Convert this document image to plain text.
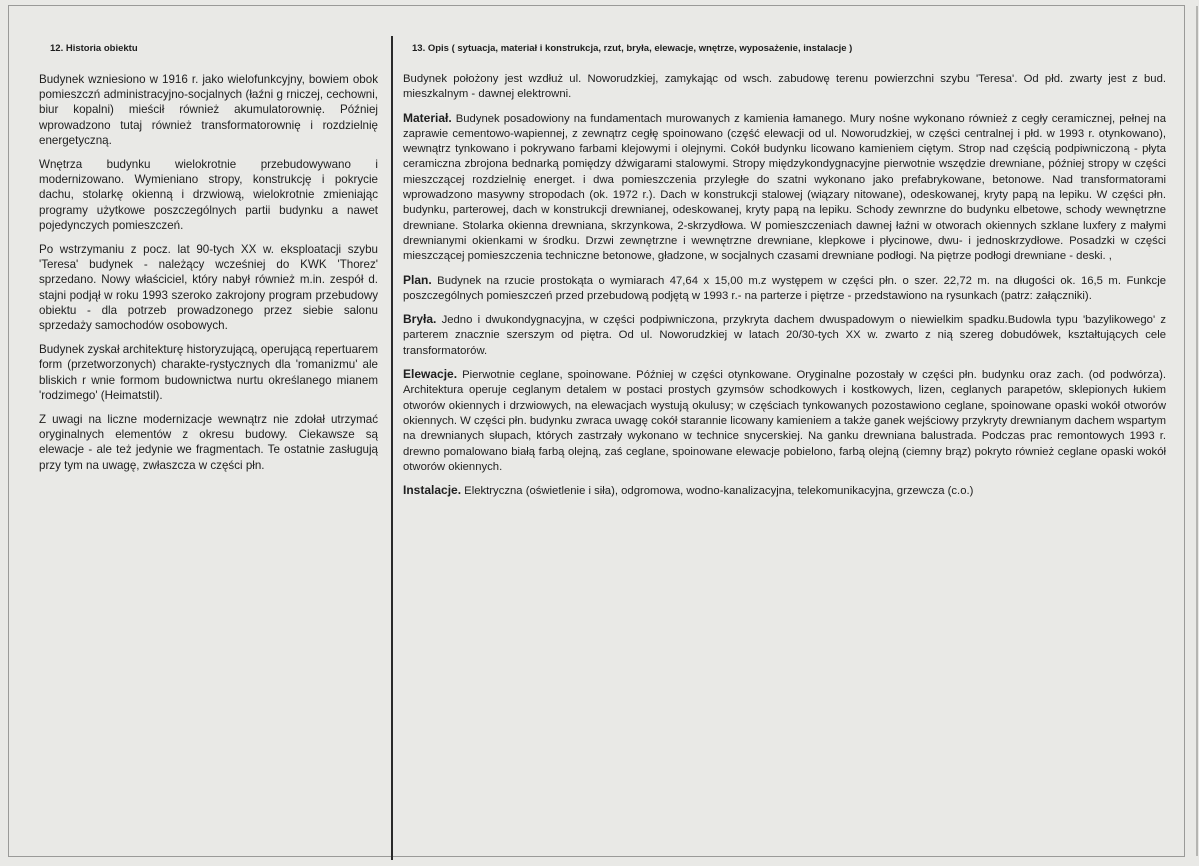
12. Historia obiektu

Budynek wzniesiono w 1916 r. jako wielofunkcyjny, bowiem obok pomieszczń administracyjno-socjalnych (łaźni g rniczej, cechowni, biur kopalni) mieścił również akumulatorownię. Później wprowadzono tutaj również transformatorownię i rozdzielnię energetyczną.

Wnętrza budynku wielokrotnie przebudowywano i modernizowano. Wymieniano stropy, konstrukcję i pokrycie dachu, stolarkę okienną i drzwiową, wielokrotnie zmieniając programy użytkowe poszczególnych partii budynku a nawet pojedynczych pomieszczeń.

Po wstrzymaniu z pocz. lat 90-tych XX w. eksploatacji szybu 'Teresa' budynek - należący wcześniej do KWK 'Thorez' sprzedano. Nowy właściciel, który nabył również m.in. zespół d. stajni podjął w roku 1993 szeroko zakrojony program przebudowy obiektu - dla potrzeb prowadzonego przez siebie salonu sprzedaży samochodów osobowych.

Budynek zyskał architekturę historyzującą, operującą repertuarem form (przetworzonych) charakte-rystycznych dla 'romanizmu' ale bliskich r wnie formom budownictwa nurtu określanego mianem 'rodzimego' (Heimatstil).

Z uwagi na liczne modernizacje wewnątrz nie zdołał utrzymać oryginalnych elementów z okresu budowy. Ciekawsze są elewacje - ale też jedynie we fragmentach. Te ostatnie zasługują przy tym na uwagę, zwłaszcza w części płn.

13. Opis ( sytuacja, materiał i konstrukcja, rzut, bryła, elewacje, wnętrze, wyposażenie, instalacje )

Budynek położony jest wzdłuż ul. Noworudzkiej, zamykając od wsch. zabudowę terenu powierzchni szybu 'Teresa'. Od płd. zwarty jest z bud. mieszkalnym - dawnej elektrowni.

Materiał. Budynek posadowiony na fundamentach murowanych z kamienia łamanego. Mury nośne wykonano również z cegły ceramicznej, pełnej na zaprawie cementowo-wapiennej, z zewnątrz cegłę spoinowano (część elewacji od ul. Noworudzkiej, w części centralnej i płd. w 1993 r. otynkowano), wewnątrz tynkowano i pokrywano farbami klejowymi i olejnymi. Cokół budynku licowano kamieniem ciętym. Strop nad częścią podpiwniczoną - płyta ceramiczna zbrojona bednarką pomiędzy dźwigarami stalowymi. Stropy międzykondygnacyjne pierwotnie wszędzie drewniane, później stropy w części mieszczącej rozdzielnię energet. i dwa pomieszczenia przyległe do szatni wykonano jako prefabrykowane, betonowe. Nad transformatorami wprowadzono masywny stropodach (ok. 1972 r.). Dach w konstrukcji stalowej (wiązary nitowane), odeskowanej, kryty papą na lepiku. W części płn. budynku, parterowej, dach w konstrukcji drewnianej, odeskowanej, kryty papą na lepiku. Schody zewnrzne do budynku elbetowe, schody wewnętrzne drewniane. Stolarka okienna drewniana, skrzynkowa, 2-skrzydłowa. W pomieszczeniach dawnej łaźni w otworach okiennych szklane luxfery z małymi drewnianymi okienkami w środku. Drzwi zewnętrzne i wewnętrzne drewniane, klepkowe i płycinowe, dwu- i jednoskrzydłowe. Posadzki w części mieszczącej pomieszczenia techniczne betonowe, gładzone, w socjalnych czasami drewniane podłogi. Na piętrze podłogi drewniane - deski. ,

Plan. Budynek na rzucie prostokąta o wymiarach 47,64 x 15,00 m.z występem w części płn. o szer. 22,72 m. na długości ok. 16,5 m. Funkcje poszczególnych pomieszczeń przed przebudową podjętą w 1993 r.- na parterze i piętrze - przedstawiono na rysunkach (patrz: załączniki).

Bryła. Jedno i dwukondygnacyjna, w części podpiwniczona, przykryta dachem dwuspadowym o niewielkim spadku.Budowla typu 'bazylikowego' z parterem znacznie szerszym od piętra. Od ul. Noworudzkiej w latach 20/30-tych XX w. zwarto z nią szereg dobudówek, kształtujących cele transformatorów.

Elewacje. Pierwotnie ceglane, spoinowane. Później w części otynkowane. Oryginalne pozostały w części płn. budynku oraz zach. (od podwórza). Architektura operuje ceglanym detalem w postaci prostych gzymsów schodkowych i kostkowych, lizen, ceglanych parapetów, sklepionych łukiem otworów okiennych i drzwiowych, na elewacjach wystują okulusy; w częściach tynkowanych pozostawiono ceglane, spoinowane opaski wokół otworów okiennych. W części płn. budynku zwraca uwagę cokół starannie licowany kamieniem a także ganek wejściowy przykryty drewnianym dachem wspartym na drewnianych słupach, których zastrzały wykonano w technice snycerskiej. Na ganku drewniana balustrada. Podczas prac remontowych 1993 r. drewno pomalowano białą farbą olejną, zaś ceglane, spoinowane elewacje pobielono, farbą olejną (ciemny brąz) pokryto również ceglane opaski wokół otworów okiennych.

Instalacje. Elektryczna (oświetlenie i siła), odgromowa, wodno-kanalizacyjna, telekomunikacyjna, grzewcza (c.o.)
